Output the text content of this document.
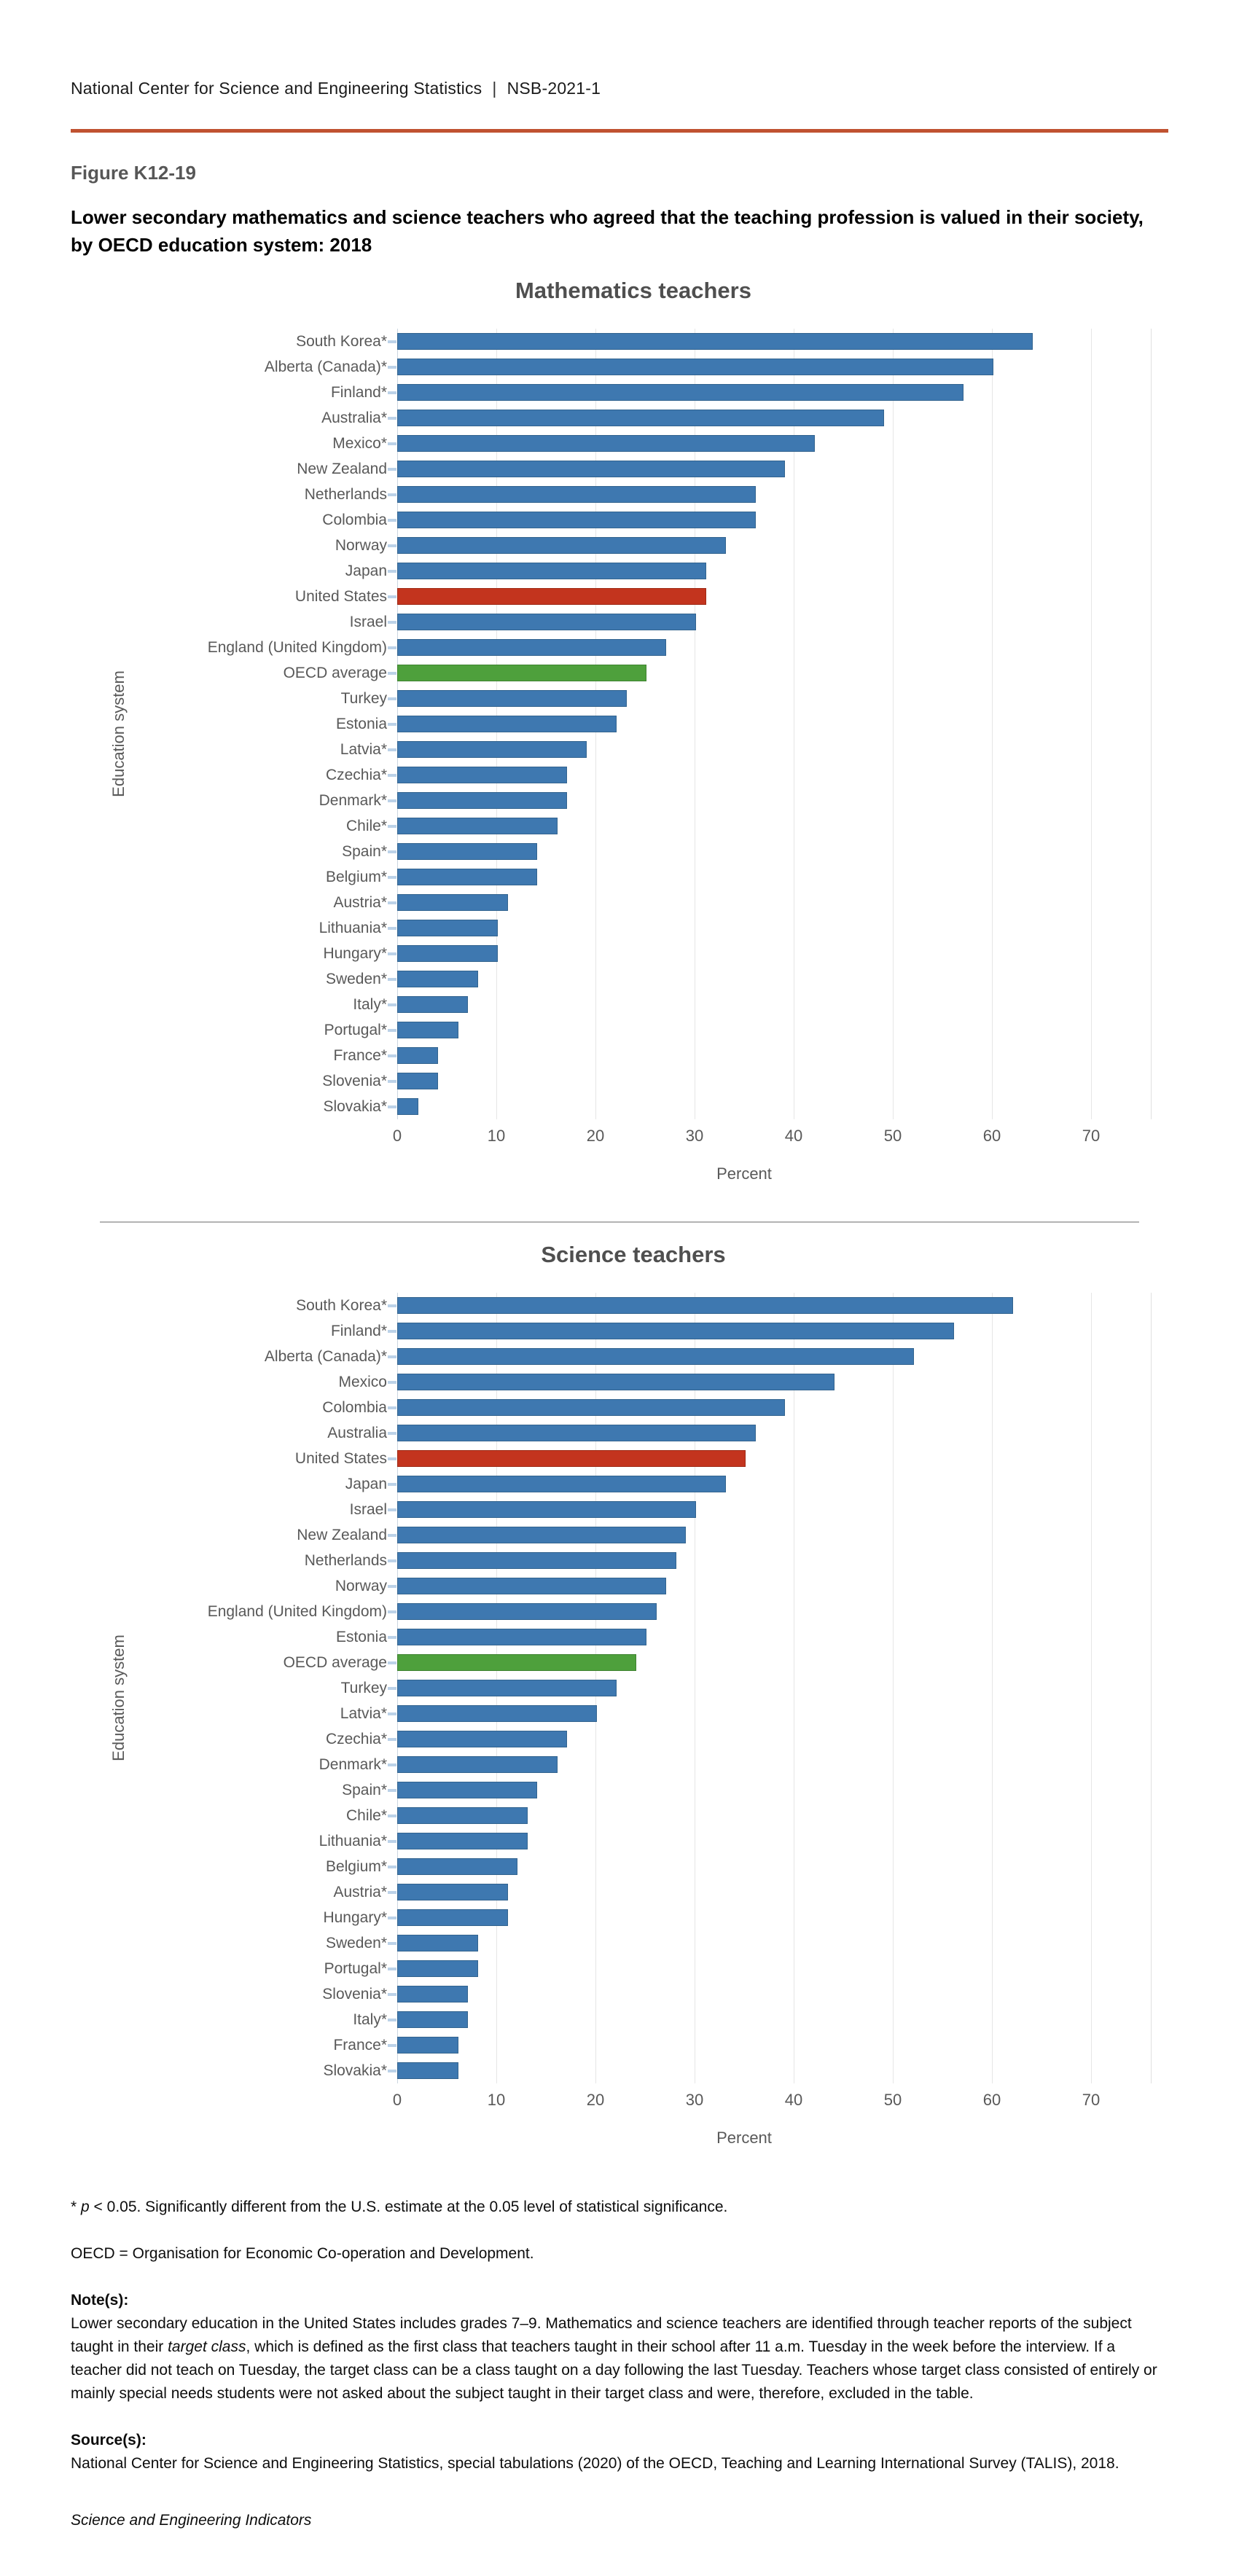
National Center for Science and Engineering Statistics | NSB-2021-1
Figure K12-19
Lower secondary mathematics and science teachers who agreed that the teaching profession is valued in their society, by OECD education system: 2018
Mathematics teachers
Education system
South Korea*
Alberta (Canada)*
Finland*
Australia*
Mexico*
New Zealand
Netherlands
Colombia
Norway
Japan
United States
Israel
England (United Kingdom)
OECD average
Turkey
Estonia
Latvia*
Czechia*
Denmark*
Chile*
Spain*
Belgium*
Austria*
Lithuania*
Hungary*
Sweden*
Italy*
Portugal*
France*
Slovenia*
Slovakia*
0	10	20	30	40	50	60	70
Percent
Science teachers
Education system
South Korea*
Finland*
Alberta (Canada)*
Mexico
Colombia
Australia
United States
Japan
Israel
New Zealand
Netherlands
Norway
England (United Kingdom)
Estonia
OECD average
Turkey
Latvia*
Czechia*
Denmark*
Spain*
Chile*
Lithuania*
Belgium*
Austria*
Hungary*
Sweden*
Portugal*
Slovenia*
Italy*
France*
Slovakia*
0	10	20	30	40	50	60	70
Percent
* p < 0.05. Significantly different from the U.S. estimate at the 0.05 level of statistical significance.
OECD = Organisation for Economic Co-operation and Development.
Note(s):
Lower secondary education in the United States includes grades 7–9. Mathematics and science teachers are identified through teacher reports of the subject taught in their target class, which is defined as the first class that teachers taught in their school after 11 a.m. Tuesday in the week before the interview. If a teacher did not teach on Tuesday, the target class can be a class taught on a day following the last Tuesday. Teachers whose target class consisted of entirely or mainly special needs students were not asked about the subject taught in their target class and were, therefore, excluded in the table.
Source(s):
National Center for Science and Engineering Statistics, special tabulations (2020) of the OECD, Teaching and Learning International Survey (TALIS), 2018.
Science and Engineering Indicators
